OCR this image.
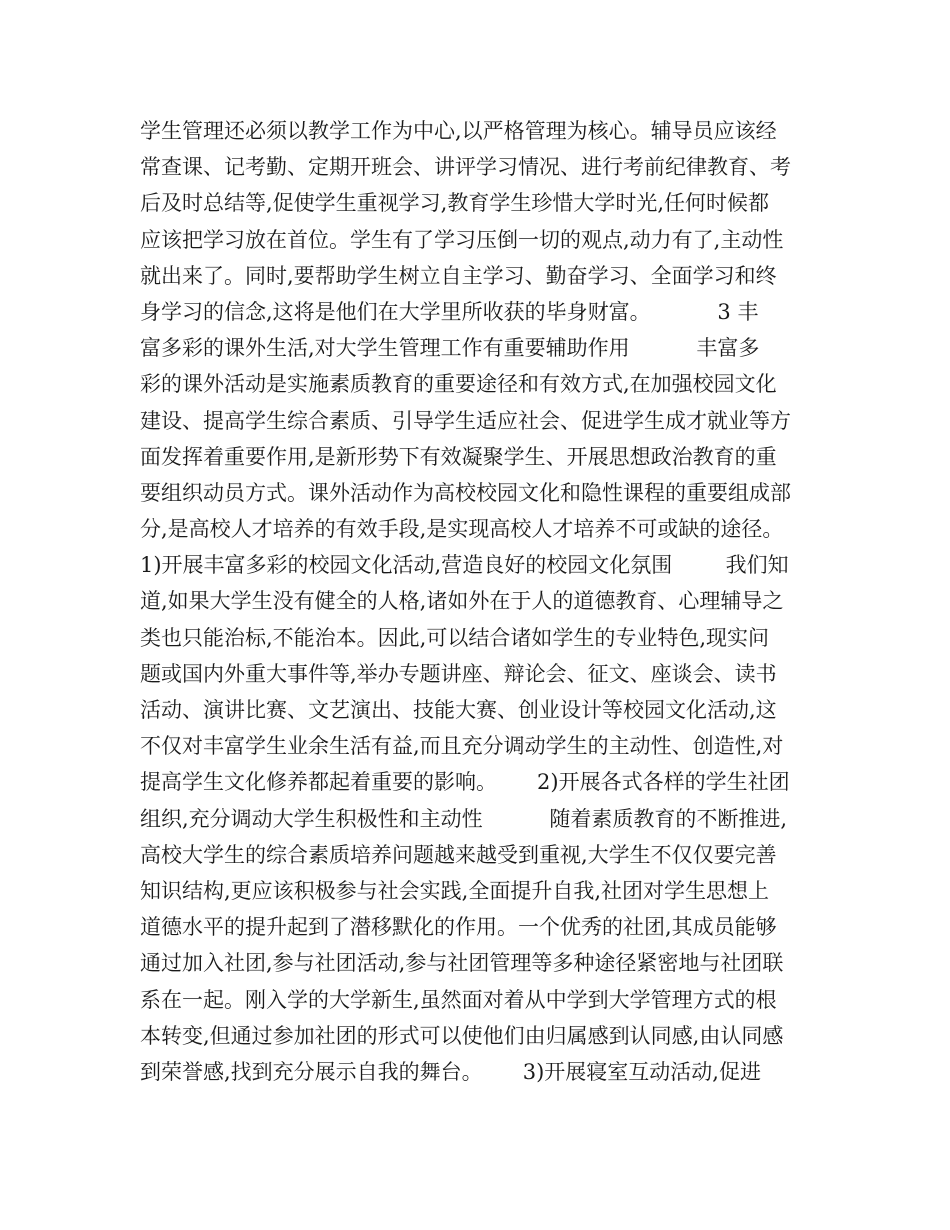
学生管理还必须以教学工作为中心,以严格管理为核心。辅导员应该经
常查课、记考勤、定期开班会、讲评学习情况、进行考前纪律教育、考
后及时总结等,促使学生重视学习,教育学生珍惜大学时光,任何时候都
应该把学习放在首位。学生有了学习压倒一切的观点,动力有了,主动性
就出来了。同时,要帮助学生树立自主学习、勤奋学习、全面学习和终
身学习的信念,这将是他们在大学里所收获的毕身财富。          3 丰
富多彩的课外生活,对大学生管理工作有重要辅助作用          丰富多
彩的课外活动是实施素质教育的重要途径和有效方式,在加强校园文化
建设、提高学生综合素质、引导学生适应社会、促进学生成才就业等方
面发挥着重要作用,是新形势下有效凝聚学生、开展思想政治教育的重
要组织动员方式。课外活动作为高校校园文化和隐性课程的重要组成部
分,是高校人才培养的有效手段,是实现高校人才培养不可或缺的途径。
1)开展丰富多彩的校园文化活动,营造良好的校园文化氛围        我们知
道,如果大学生没有健全的人格,诸如外在于人的道德教育、心理辅导之
类也只能治标,不能治本。因此,可以结合诸如学生的专业特色,现实问
题或国内外重大事件等,举办专题讲座、辩论会、征文、座谈会、读书
活动、演讲比赛、文艺演出、技能大赛、创业设计等校园文化活动,这
不仅对丰富学生业余生活有益,而且充分调动学生的主动性、创造性,对
提高学生文化修养都起着重要的影响。      2)开展各式各样的学生社团
组织,充分调动大学生积极性和主动性          随着素质教育的不断推进,
高校大学生的综合素质培养问题越来越受到重视,大学生不仅仅要完善
知识结构,更应该积极参与社会实践,全面提升自我,社团对学生思想上
道德水平的提升起到了潜移默化的作用。一个优秀的社团,其成员能够
通过加入社团,参与社团活动,参与社团管理等多种途径紧密地与社团联
系在一起。刚入学的大学新生,虽然面对着从中学到大学管理方式的根
本转变,但通过参加社团的形式可以使他们由归属感到认同感,由认同感
到荣誉感,找到充分展示自我的舞台。      3)开展寝室互动活动,促进
